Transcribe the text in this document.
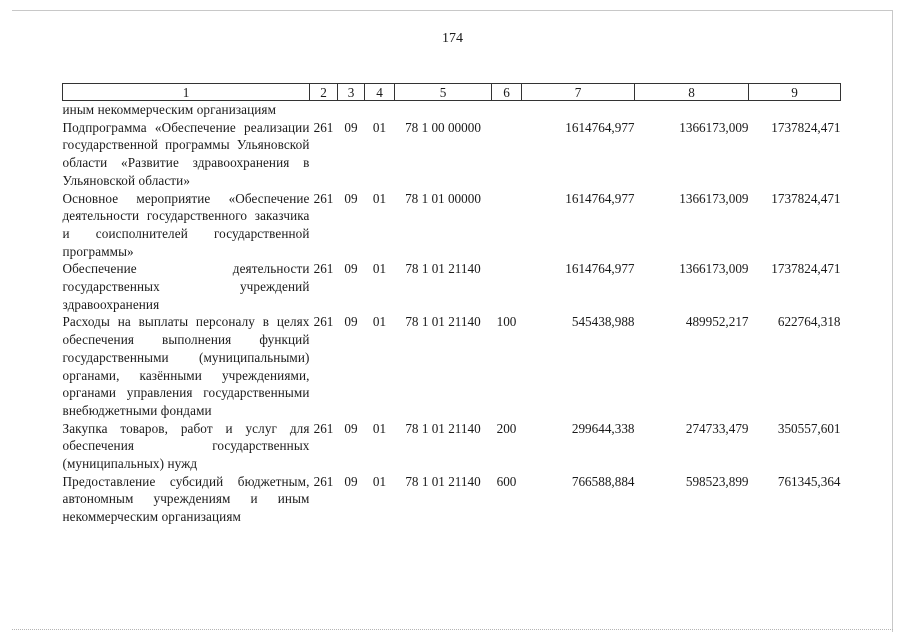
174
1	2	3	4	5	6	7	8	9
иным некоммерческим организациям								
Подпрограмма «Обеспечение реализации государственной программы Ульяновской области «Развитие здравоохранения в Ульяновской области»	261	09	01	78 1 00 00000		1614764,977	1366173,009	1737824,471
Основное мероприятие «Обеспечение деятельности государственного заказчика и соисполнителей государственной программы»	261	09	01	78 1 01 00000		1614764,977	1366173,009	1737824,471
Обеспечение деятельности государственных учреждений здравоохранения	261	09	01	78 1 01 21140		1614764,977	1366173,009	1737824,471
Расходы на выплаты персоналу в целях обеспечения выполнения функций государственными (муниципальными) органами, казёнными учреждениями, органами управления государственными внебюджетными фондами	261	09	01	78 1 01 21140	100	545438,988	489952,217	622764,318
Закупка товаров, работ и услуг для обеспечения государственных (муниципальных) нужд	261	09	01	78 1 01 21140	200	299644,338	274733,479	350557,601
Предоставление субсидий бюджетным, автономным учреждениям и иным некоммерческим организациям	261	09	01	78 1 01 21140	600	766588,884	598523,899	761345,364
